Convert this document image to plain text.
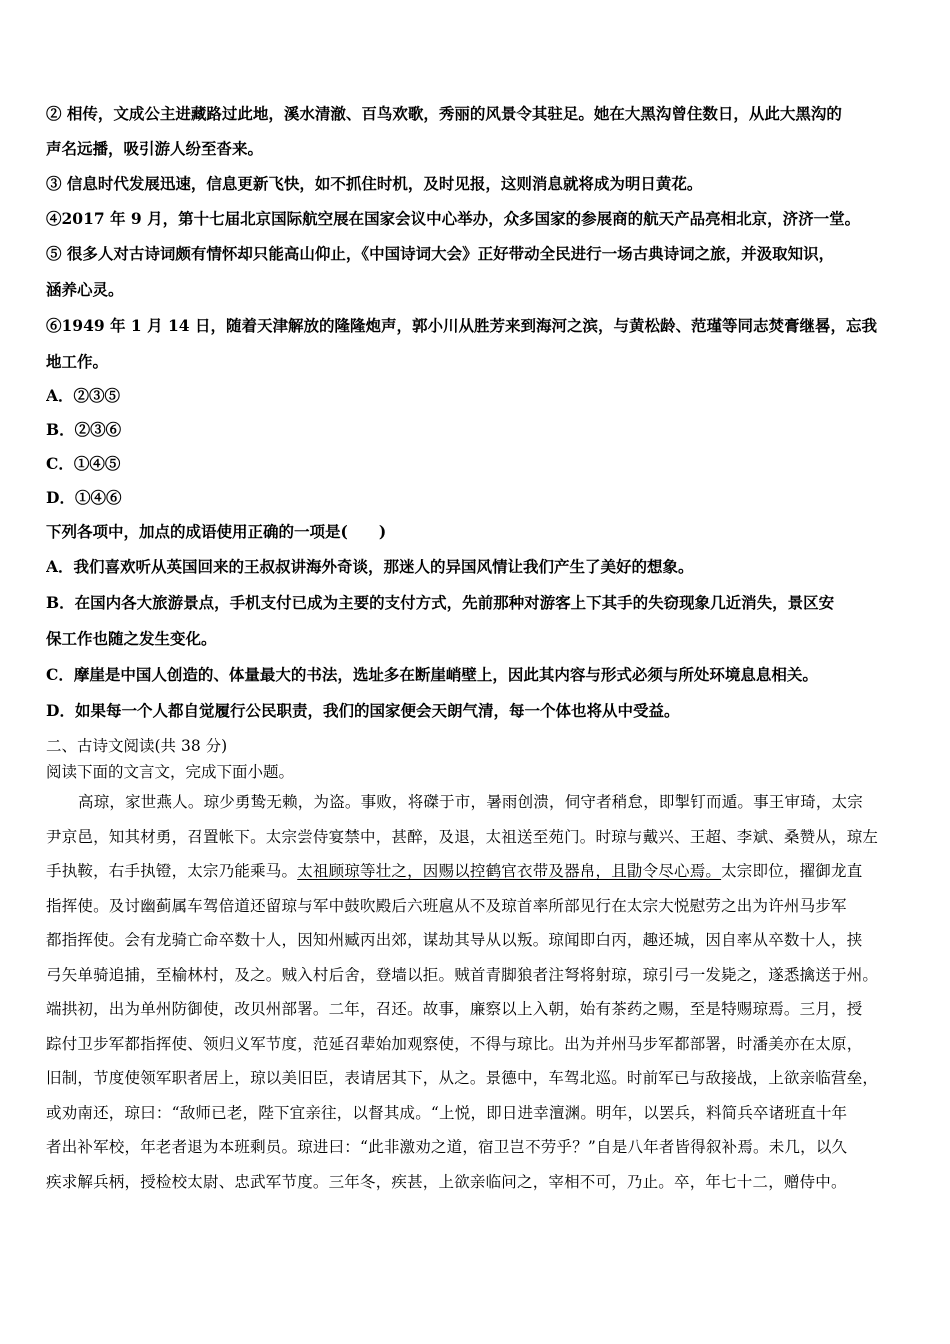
② 相传，文成公主进藏路过此地，溪水清澈、百鸟欢歌，秀丽的风景令其驻足。她在大黑沟曾住数日，从此大黑沟的
声名远播，吸引游人纷至沓来。
③ 信息时代发展迅速，信息更新飞快，如不抓住时机，及时见报，这则消息就将成为明日黄花。
④2017 年 9 月，第十七届北京国际航空展在国家会议中心举办，众多国家的参展商的航天产品亮相北京，济济一堂。
⑤ 很多人对古诗词颇有情怀却只能高山仰止，《中国诗词大会》正好带动全民进行一场古典诗词之旅，并汲取知识，
涵养心灵。
⑥1949 年 1 月 14 日，随着天津解放的隆隆炮声，郭小川从胜芳来到海河之滨，与黄松龄、范瑾等同志焚膏继晷，忘我
地工作。
A．②③⑤
B．②③⑥
C．①④⑤
D．①④⑥
下列各项中，加点的成语使用正确的一项是(　　)
A．我们喜欢听从英国回来的王叔叔讲海外奇谈，那迷人的异国风情让我们产生了美好的想象。
B．在国内各大旅游景点，手机支付已成为主要的支付方式，先前那种对游客上下其手的失窃现象几近消失，景区安
保工作也随之发生变化。
C．摩崖是中国人创造的、体量最大的书法，选址多在断崖峭壁上，因此其内容与形式必须与所处环境息息相关。
D．如果每一个人都自觉履行公民职责，我们的国家便会天朗气清，每一个体也将从中受益。
二、古诗文阅读(共 38 分)
阅读下面的文言文，完成下面小题。
高琼，家世燕人。琼少勇鸷无赖，为盗。事败，将磔于市，暑雨创溃，伺守者稍怠，即掣钉而遁。事王审琦，太宗
尹京邑，知其材勇，召置帐下。太宗尝侍宴禁中，甚醉，及退，太祖送至苑门。时琼与戴兴、王超、李斌、桑赞从，琼左
手执鞍，右手执镫，太宗乃能乘马。太祖顾琼等壮之，因赐以控鹤官衣带及器帛，且勖令尽心焉。太宗即位，擢御龙直
指挥使。及讨幽蓟属车驾倍道还留琼与军中鼓吹殿后六班扈从不及琼首率所部见行在太宗大悦慰劳之出为许州马步军
都指挥使。会有龙骑亡命卒数十人，因知州臧丙出郊，谋劫其导从以叛。琼闻即白丙，趣还城，因自率从卒数十人，挟
弓矢单骑追捕，至榆林村，及之。贼入村后舍，登墙以拒。贼首青脚狼者注弩将射琼，琼引弓一发毙之，遂悉擒送于州。
端拱初，出为单州防御使，改贝州部署。二年，召还。故事，廉察以上入朝，始有茶药之赐，至是特赐琼焉。三月，授
踪付卫步军都指挥使、领归义军节度，范延召辈始加观察使，不得与琼比。出为并州马步军都部署，时潘美亦在太原，
旧制，节度使领军职者居上，琼以美旧臣，表请居其下，从之。景德中，车驾北巡。时前军已与敌接战，上欲亲临营垒，
或劝南还，琼曰：“敌师已老，陛下宜亲往，以督其成。“上悦，即日进幸澶渊。明年，以罢兵，料简兵卒诸班直十年
者出补军校，年老者退为本班剩员。琼进曰：“此非激劝之道，宿卫岂不劳乎？”自是八年者皆得叙补焉。未几，以久
疾求解兵柄，授检校太尉、忠武军节度。三年冬，疾甚，上欲亲临问之，宰相不可，乃止。卒，年七十二，赠侍中。
